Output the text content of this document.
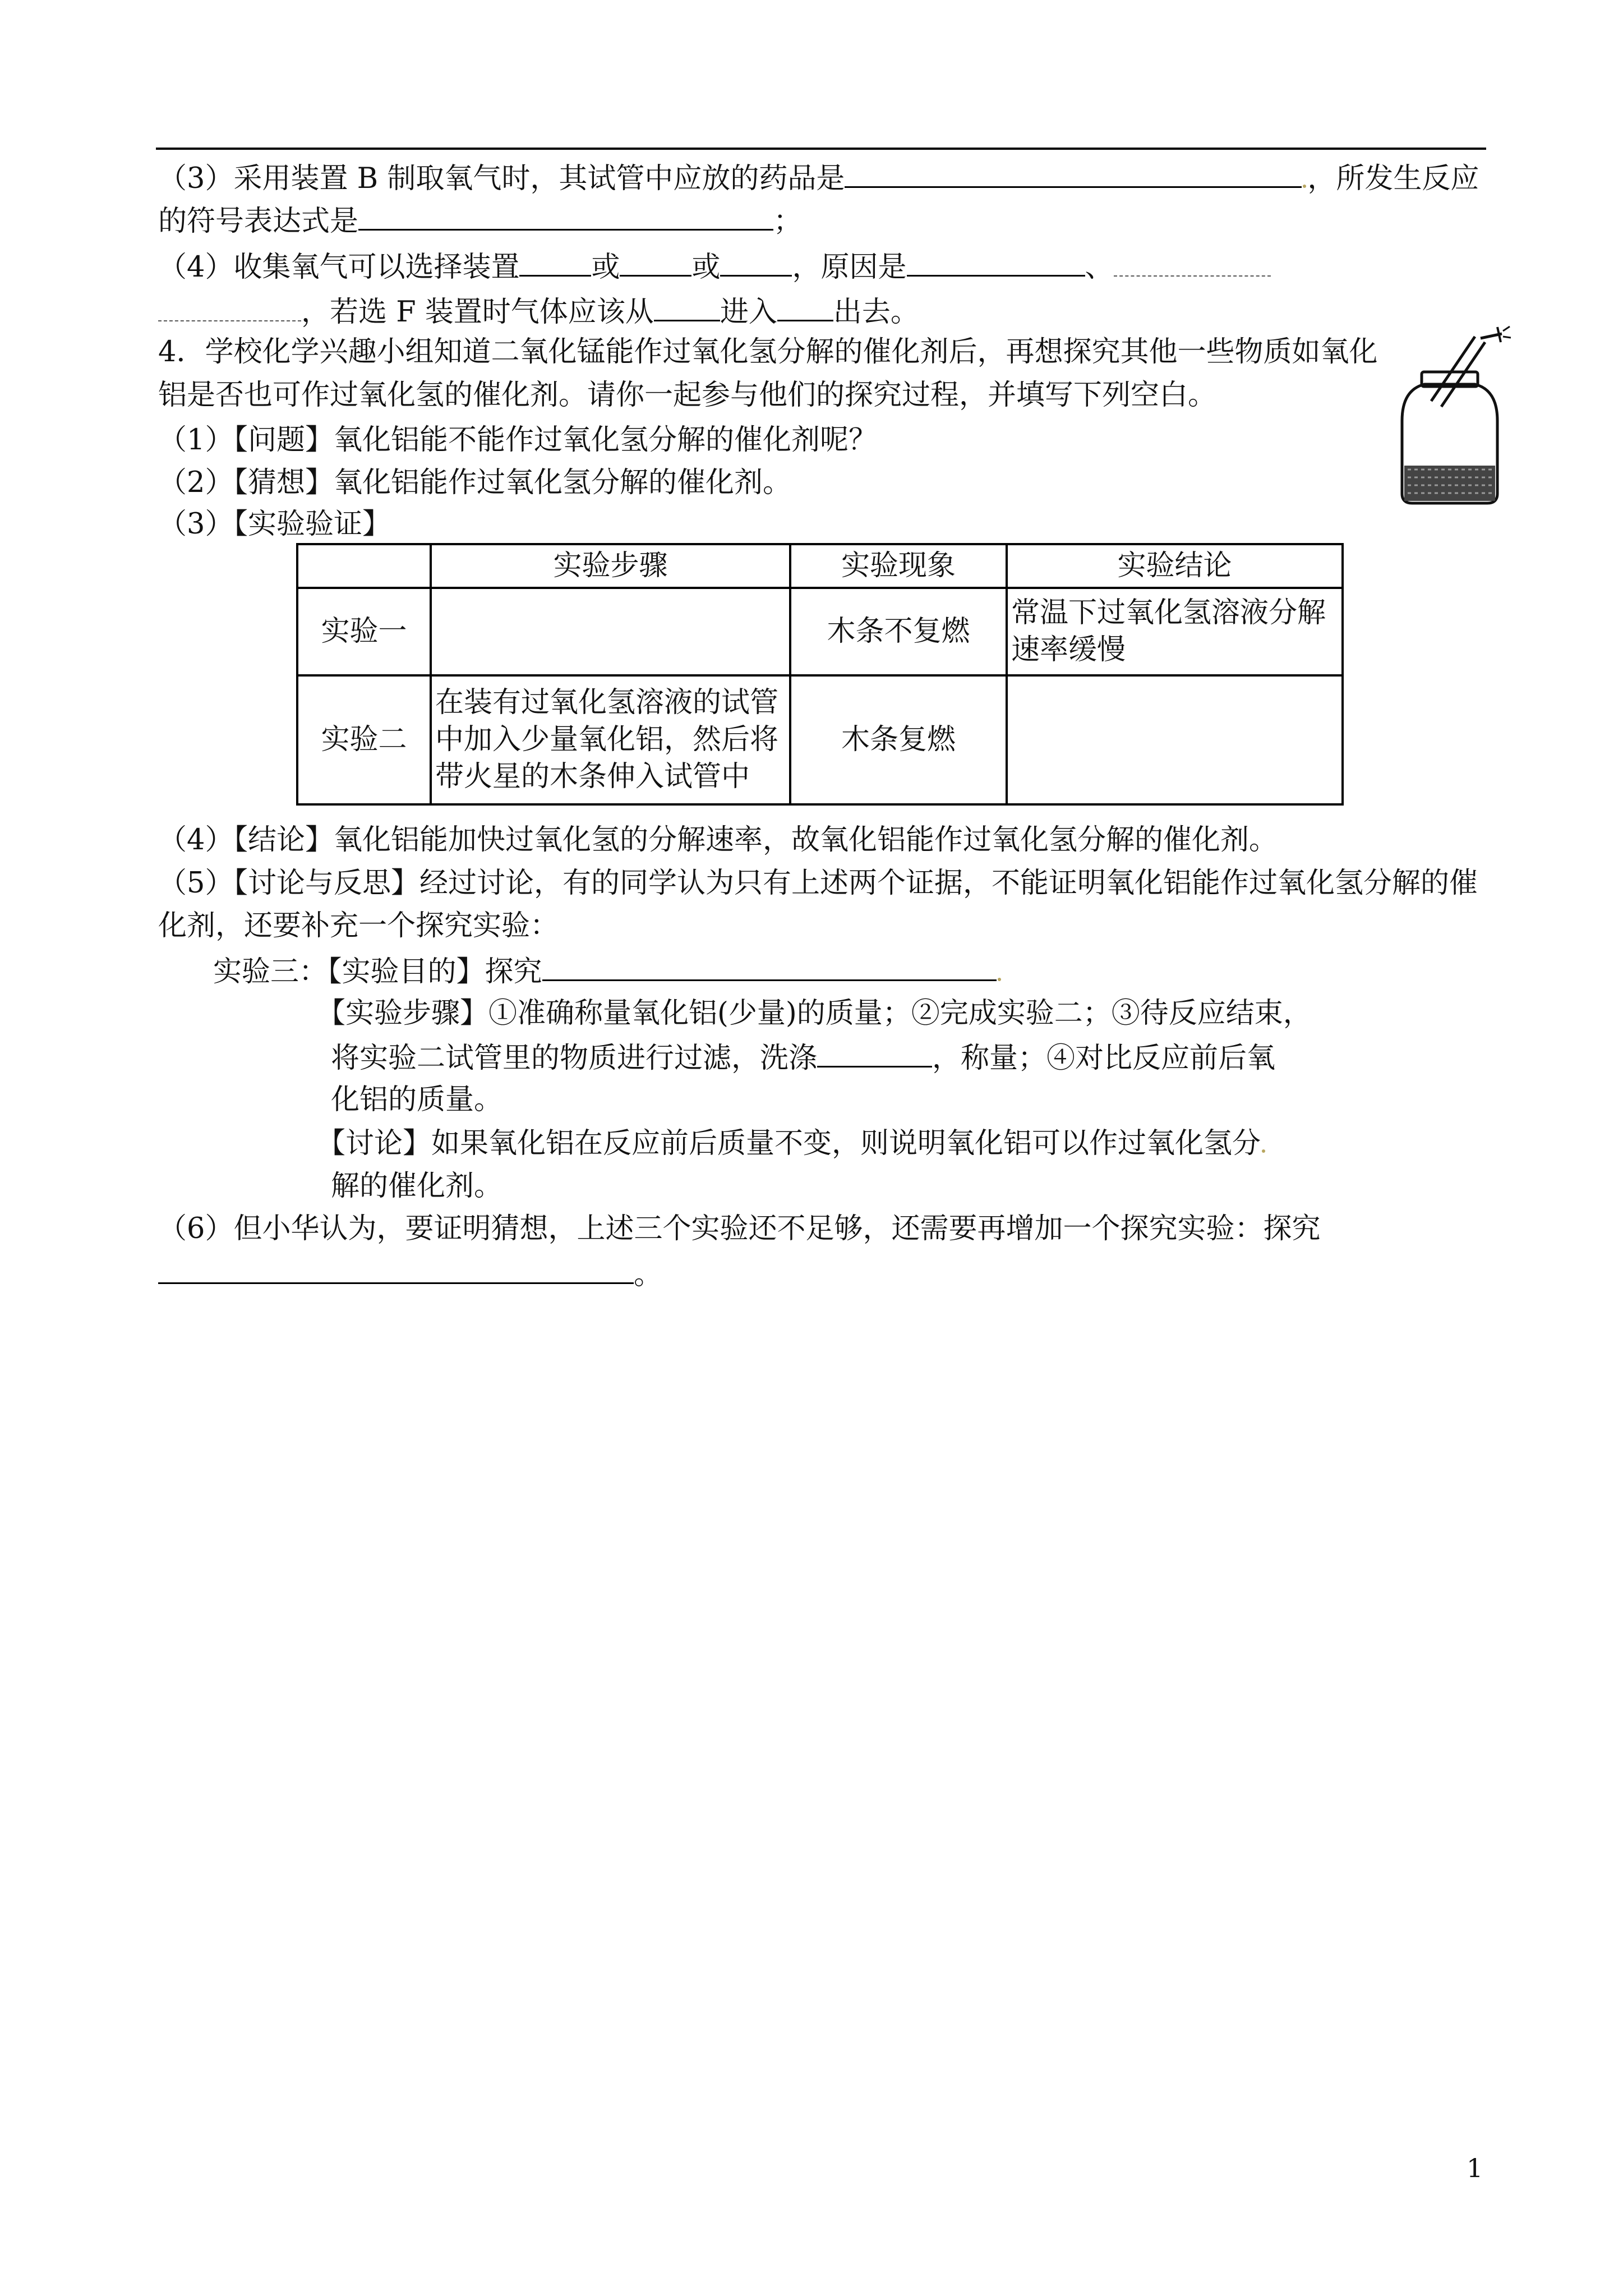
（3）采用装置 B 制取氧气时，其试管中应放的药品是	，所发生反应
的符号表达式是	；
（4）收集氧气可以选择装置	或	或	，原因是	、
，若选 F 装置时气体应该从 进入 出去。
4．学校化学兴趣小组知道二氧化锰能作过氧化氢分解的催化剂后，再想探究其他一些物质如氧化
铝是否也可作过氧化氢的催化剂。请你一起参与他们的探究过程，并填写下列空白。
（1）【问题】氧化铝能不能作过氧化氢分解的催化剂呢？
（2）【猜想】氧化铝能作过氧化氢分解的催化剂。
（3）【实验验证】
	实验步骤	实验现象	实验结论
实验一		木条不复燃	常温下过氧化氢溶液分解
速率缓慢
实验二	在装有过氧化氢溶液的试管
中加入少量氧化铝，然后将
带火星的木条伸入试管中	木条复燃	
（4）【结论】氧化铝能加快过氧化氢的分解速率，故氧化铝能作过氧化氢分解的催化剂。
（5）【讨论与反思】经过讨论，有的同学认为只有上述两个证据，不能证明氧化铝能作过氧化氢分解的催
化剂，还要补充一个探究实验：
实验三：【实验目的】探究
【实验步骤】①准确称量氧化铝(少量)的质量；②完成实验二；③待反应结束，
将实验二试管里的物质进行过滤，洗涤	，称量；④对比反应前后氧
化铝的质量。
【讨论】如果氧化铝在反应前后质量不变，则说明氧化铝可以作过氧化氢分
解的催化剂。
（6）但小华认为，要证明猜想，上述三个实验还不足够，还需要再增加一个探究实验：探究
。
1
